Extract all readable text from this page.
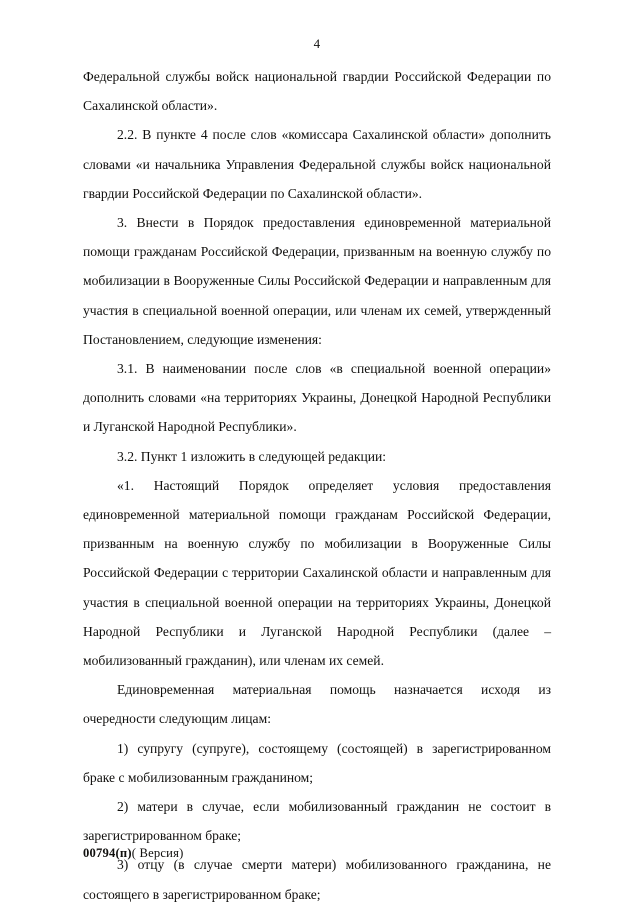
4

Федеральной службы войск национальной гвардии Российской Федерации по Сахалинской области».

2.2. В пункте 4 после слов «комиссара Сахалинской области» дополнить словами «и начальника Управления Федеральной службы войск национальной гвардии Российской Федерации по Сахалинской области».

3. Внести в Порядок предоставления единовременной материальной помощи гражданам Российской Федерации, призванным на военную службу по мобилизации в Вооруженные Силы Российской Федерации и направленным для участия в специальной военной операции, или членам их семей, утвержденный Постановлением, следующие изменения:

3.1. В наименовании после слов «в специальной военной операции» дополнить словами «на территориях Украины, Донецкой Народной Республики и Луганской Народной Республики».

3.2. Пункт 1 изложить в следующей редакции:

«1. Настоящий Порядок определяет условия предоставления единовременной материальной помощи гражданам Российской Федерации, призванным на военную службу по мобилизации в Вооруженные Силы Российской Федерации с территории Сахалинской области и направленным для участия в специальной военной операции на территориях Украины, Донецкой Народной Республики и Луганской Народной Республики (далее – мобилизованный гражданин), или членам их семей.

Единовременная материальная помощь назначается исходя из очередности следующим лицам:

1) супругу (супруге), состоящему (состоящей) в зарегистрированном браке с мобилизованным гражданином;

2) матери в случае, если мобилизованный гражданин не состоит в зарегистрированном браке;

3) отцу (в случае смерти матери) мобилизованного гражданина, не состоящего в зарегистрированном браке;

00794(п)( Версия)
